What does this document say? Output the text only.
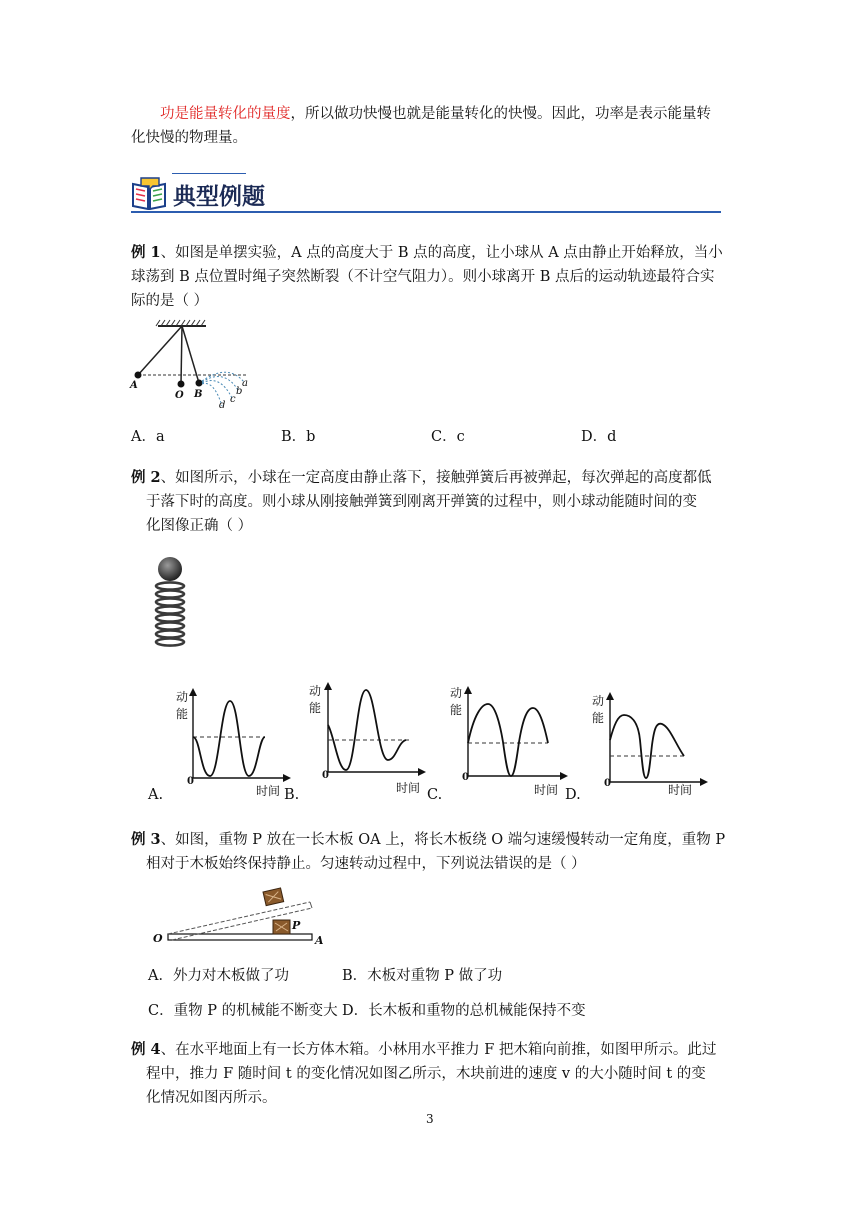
功是能量转化的量度，所以做功快慢也就是能量转化的快慢。因此，功率是表示能量转

化快慢的物理量。

典型例题

例 1、如图是单摆实验，A 点的高度大于 B 点的高度，让小球从 A 点由静止开始释放，当小

球荡到 B 点位置时绳子突然断裂（不计空气阻力）。则小球离开 B 点后的运动轨迹最符合实

际的是（ ）

A
O B
a
b
c
d
A．a	B．b	C．c	D．d

例 2、如图所示，小球在一定高度由静止落下，接触弹簧后再被弹起，每次弹起的高度都低

于落下时的高度。则小球从刚接触弹簧到刚离开弹簧的过程中，则小球动能随时间的变

化图像正确（ ）

动
能
0
时间
A.
动
能
0
时间
B.
动
能
0
时间
C.
动
能
0	时间
D.

例 3、如图，重物 P 放在一长木板 OA 上，将长木板绕 O 端匀速缓慢转动一定角度，重物 P

相对于木板始终保持静止。匀速转动过程中，下列说法错误的是（ ）

O	A
P
A．外力对木板做了功	B．木板对重物 P 做了功
C．重物 P 的机械能不断变大 D．长木板和重物的总机械能保持不变

例 4、在水平地面上有一长方体木箱。小林用水平推力 F 把木箱向前推，如图甲所示。此过

程中，推力 F 随时间 t 的变化情况如图乙所示，木块前进的速度 v 的大小随时间 t 的变

化情况如图丙所示。

3
